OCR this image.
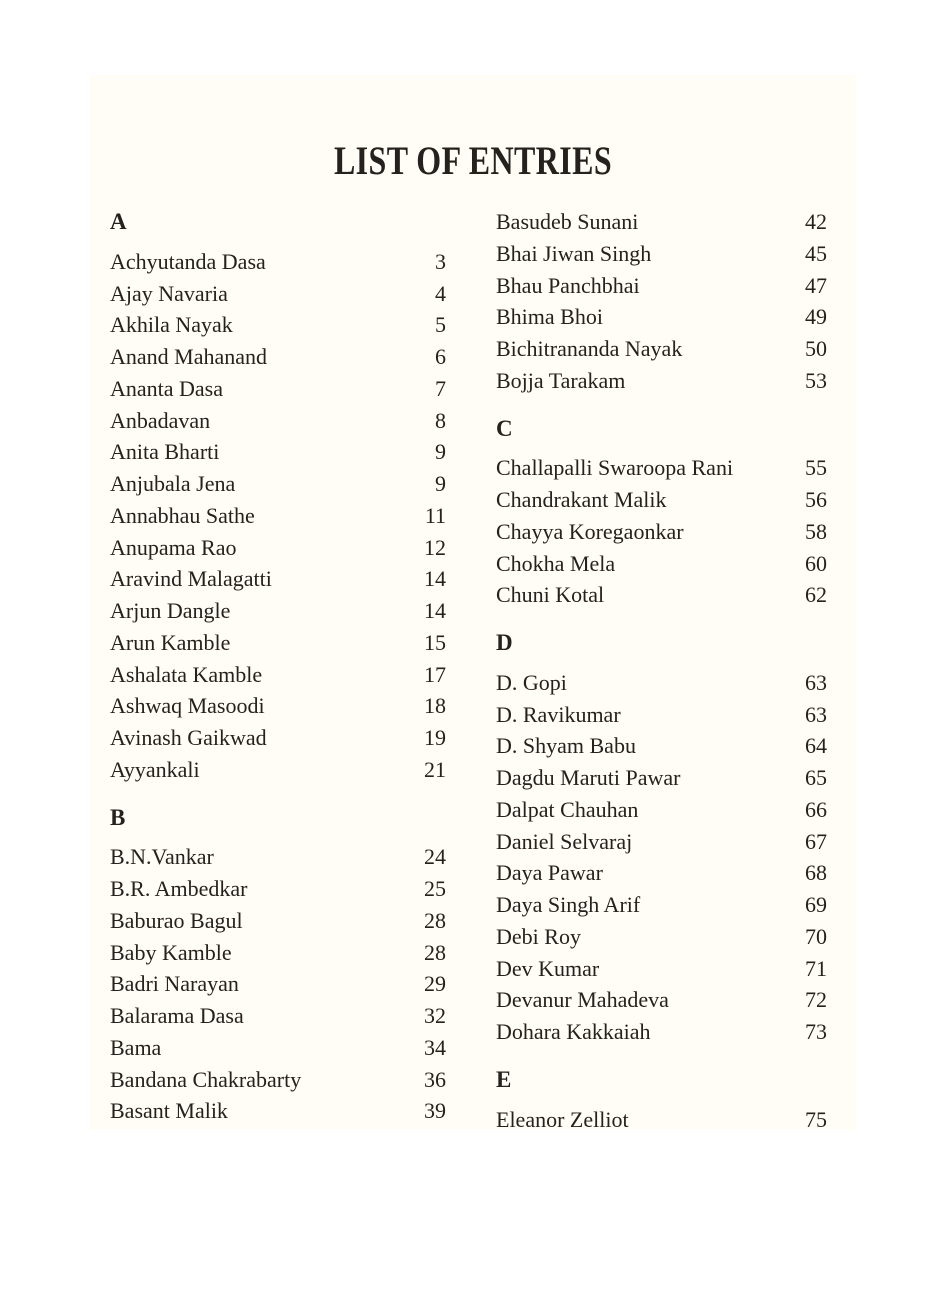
LIST OF ENTRIES
A
Achyutanda Dasa	3
Ajay Navaria	4
Akhila Nayak	5
Anand Mahanand	6
Ananta Dasa	7
Anbadavan	8
Anita Bharti	9
Anjubala Jena	9
Annabhau Sathe	11
Anupama Rao	12
Aravind Malagatti	14
Arjun Dangle	14
Arun Kamble	15
Ashalata Kamble	17
Ashwaq Masoodi	18
Avinash Gaikwad	19
Ayyankali	21
B
B.N.Vankar	24
B.R. Ambedkar	25
Baburao Bagul	28
Baby Kamble	28
Badri Narayan	29
Balarama Dasa	32
Bama	34
Bandana Chakrabarty	36
Basant Malik	39
Basudeb Sunani	42
Bhai Jiwan Singh	45
Bhau Panchbhai	47
Bhima Bhoi	49
Bichitrananda Nayak	50
Bojja Tarakam	53
C
Challapalli Swaroopa Rani	55
Chandrakant Malik	56
Chayya Koregaonkar	58
Chokha Mela	60
Chuni Kotal	62
D
D. Gopi	63
D. Ravikumar	63
D. Shyam Babu	64
Dagdu Maruti Pawar	65
Dalpat Chauhan	66
Daniel Selvaraj	67
Daya Pawar	68
Daya Singh Arif	69
Debi Roy	70
Dev Kumar	71
Devanur Mahadeva	72
Dohara Kakkaiah	73
E
Eleanor Zelliot	75
